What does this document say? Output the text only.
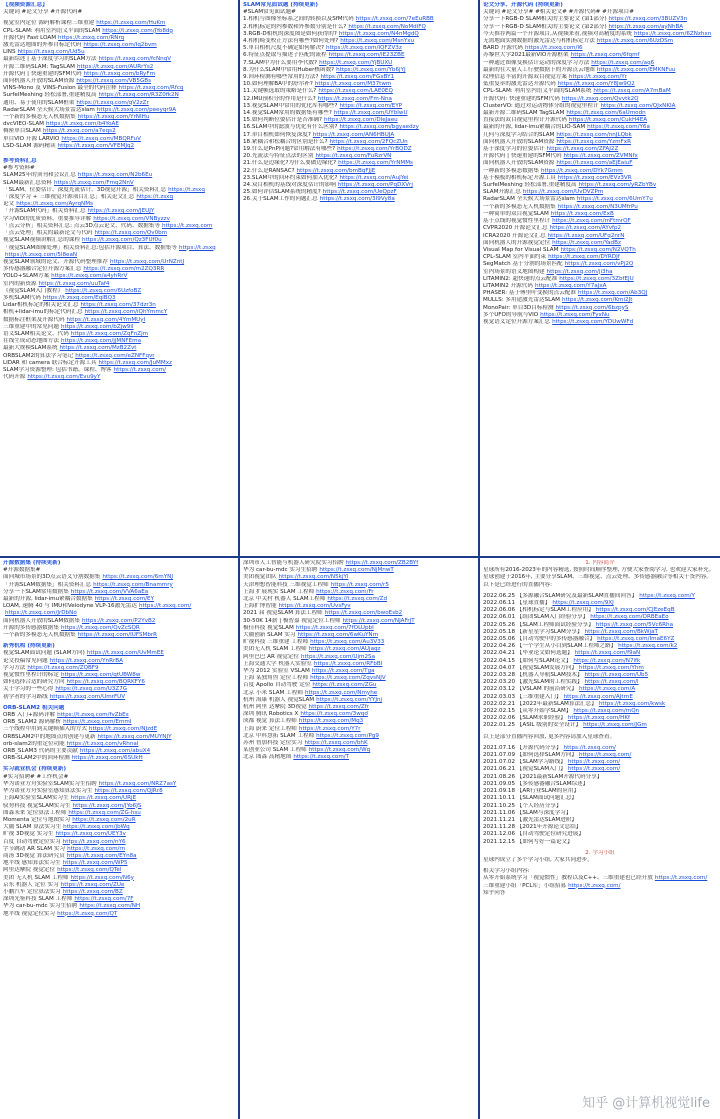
【视频资源汇总】
关键词 #论文分享 #开源代码#
视觉室内定位 源码解析课程三维重建 https://t.zsxq.com/HuKm
CPL-SLAM: 利用室内语义平面的SLAM https://t.zsxq.com/JYo8dg
开源代码 Fast LOAM https://t.zsxq.com/RNrq
激光雷达地图的外参自标定代码 https://t.zsxq.com/Iq2bvm
LINS https://t.zsxq.com/Ud5u
最新综述 | 基于深度学习的SLAM方法 https://t.zsxq.com/fcNnqV
开源二维码SLAM: TagSLAM https://t.zsxq.com/AURrYs2
开源代码 | 快速重建的SFM代码 https://t.zsxq.com/bRyFm
面向机器人开放的SLAM资源 https://t.zsxq.com/VB5GBs
VINS-Mono 及 VINS-Fusion 最全的代码注释 https://t.zsxq.com/Rfcq
SurfelMeshing 轻松部署,重建精度高 https://t.zsxq.com/R3Z0fk2N
通用、易于使用的SLAM框架 https://t.zsxq.com/qV2zZr
RadarSLAM 全天候大场景雷达slam https://t.zsxq.com/peeyqr9A
一个新的多模态无人机数据集 https://t.zsxq.com/YrNIHu
dvcVIEO-SLAM https://t.zsxq.com/b4YoAE
稠密单目SLAM https://t.zsxq.com/a7eqs2
单目VIO 开源 LARVIO https://t.zsxq.com/MBQRFuV
LSD-SLAM 源码精读 https://t.zsxq.com/VFEMJq2
参考资料汇总
#参考资料#
SLAM25年的顶刊和会议汇总 https://t.zsxq.com/N2b6Eu
SLAM最新汇总资料 https://t.zsxq.com/Fmq2NnV
「SLAM、位姿估计、深度光流估计、3D视觉开源」相关资料汇总 https://t.zsxq
「深度学习 + 三维视觉开源项目汇总」相关论文汇总 https://t.zsxq
论文 https://t.zsxq.com/AyrqNMs
「开源SLAM代码」相关资料汇总 https://t.zsxq.com/JEUJY
学习VIO的优质资料、重要推导详解 https://t.zsxq.com/VNByzzv
「点云分析」相关资料汇总: 点云3D点云论文、代码、数据集等 https://t.zsxq.com
「点云处理」相关的最新论文与代码 https://t.zsxq.com/Qv0bm
视觉SLAM视频讲解汇总的课程 https://t.zsxq.com/Qz3FUf0u
「视觉SLAM图像处理」相关资料汇总:包括开源项目、算法、数据集等 https://t.zsxq
https://t.zsxq.com/5l8eaN
视觉SLAM领域的论文、开源代码整理推荐 https://t.zsxq.com/UrNZntJ
多传感器融合定位开源方案汇总 https://t.zsxq.com/m2ZQ3RR
YOLO+SLAM方案 https://t.zsxq.com/a4yhRrV
室内的新资源 https://t.zsxq.com/uuTaf4
《视觉SLAM入门教程》 https://t.zsxq.com/6UzfoBZ
多机SLAM代码 https://t.zsxq.com/EqlBQ3
Lidar相机标定的相关论文汇总 https://t.zsxq.com/37dzr3n
相机+lidar-imu的标定代码汇总 https://t.zsxq.com/iQhYmmcY
数据标注框架及开源代码 https://t.zsxq.com/4YmMUyI
三维重建中的常见问题 https://t.zsxq.com/bZjw9il
语义SLAM相关论文、代码 https://t.zsxq.com/ZqFnZjm
在线生成动态地图方法 https://t.zsxq.com/jjMNFEma
最新大规模SLAM系统 https://t.zsxq.com/MzB2Zvt
ORBSLAM2的算法学习笔记 https://t.zsxq.com/eZNFFqvr
LIDAR 和 camera 联合标定开源工具 https://t.zsxq.com/JuMMxz
SLAM学习资源整理: 包括书籍、课程、博客 https://t.zsxq.com/
代码开源 https://t.zsxq.com/Evu9yY
SLAM常见面试题 (持续更新)
#SLAM常见面试题#
1.相机与图像坐标系之间的转换以及SfM代码 https://t.zsxq.com/7eEuRBB
2.相机标定的内参数和外参数分别是什么? https://t.zsxq.com/NoMdiFQ
3.RGB-D相机的深度图是如何获得的? https://t.zsxq.com/N4nMgdQ
4.相机畸变校正方法有哪些?如何处理? https://t.zsxq.com/MsnYxu
5.单目相机尺度不确定如何解决? https://t.zsxq.com/IQFZV3z
6.特征点提取与描述子匹配的流程 https://t.zsxq.com/IE23ZBE
7.SLAM中为什么要用李代数? https://t.zsxq.com/YjBUXU
8.为什么SLAM中常用Huber核函数? https://t.zsxq.com/Yb6jYJ
9.回环检测有哪些常用的方法? https://t.zsxq.com/FGxBY1
10.如何理解BA中的舒尔补? https://t.zsxq.com/M37twm
11.关键帧选取的策略是什么? https://t.zsxq.com/LAE0EQ
12.IMU预积分的作用是什么? https://t.zsxq.com/Fm-Nna
13.视觉SLAM中常用的优化库有哪些? https://t.zsxq.com/EYP
14.视觉SLAM常用的数据集有哪些? https://t.zsxq.com/UYbIwU
15.如何判断位姿估计是否准确? https://t.zsxq.com/DleJaeu
16.SLAM中的滤波与优化有什么区别? https://t.zsxq.com/bgyaedzy
17.单目相机如何恢复深度? https://t.zsxq.com/AN6HBUJA
18.紧耦合和松耦合的区别是什么? https://t.zsxq.com/2FQcZUn
19.什么是PnP问题?常用解法有哪些? https://t.zsxq.com/YrBQDZ
20.光流法与特征点法的区别 https://t.zsxq.com/FuRzrVN
21.什么是边缘化?为什么要做边缘化? https://t.zsxq.com/YrNMMs
22.什么是RANSAC? https://t.zsxq.com/bmBqFJjE
23.SLAM中的回环约束如何加入优化? https://t.zsxq.com/AuJYei
24.双目相机的基线对深度估计的影响 https://t.zsxq.com/PqDXVrj
25.如何评估SLAM系统的精度? https://t.zsxq.com/UeQpzF
26.关于SLAM工作的问题汇总 https://t.zsxq.com/3I9Vy8a
论文分享、开源代码 (持续更新)
关键词 #论文分享# #相关论文# #开源代码# #开源项目#
分享一下RGB-D SLAM相关的主要论文 (第1部分) https://t.zsxq.com/3BUZV3n
分享一下RGB-D SLAM相关的主要论文 (第2部分) https://t.zsxq.com/ayNhBA
今天推荐两篇一个开源项目,从视频来看,视频对高精度的系统 https://t.zsxq.com/6ZNzhxn
无需地面实测数据的激光雷达与相机标定方法 https://t.zsxq.com/6UzDSm
BARD 开源代码 https://t.zsxq.com/I6
苏黎世大学2021最新VIO开源框架 https://t.zsxq.com/6fqmf
一种通过图像变换估计运动的深度学习方法 https://t.zsxq.com/aq6
最新的在大量人工行驶数据下的开源点云地图 https://t.zsxq.com/EMKNFuu
纹理信息丰富的开源双目视觉方案 https://t.zsxq.com/Yr
低重复率的激光雷达开源代码 https://t.zsxq.com/Y8Jw9Q2
CPL-SLAM: 利用室内语义平面的SLAM系统 https://t.zsxq.com/A7mBaM
开源代码: 快速重建的SFM代码 https://t.zsxq.com/Qvvtk2Q
ClusterVO: 通过对运动物体分组的视觉里程计 https://t.zsxq.com/QJxNKIA
最新开源二维码SLAM TagSLAM https://t.zsxq.com/6aUmodn
直接法的双目视觉里程计开源代码 https://t.zsxq.com/CukH4EA
最新的开源, lidar-imu紧耦合的LIO-SAM https://t.zsxq.com/Y6a
几何与深度学习结合的SLAM https://t.zsxq.com/nnJLQbk
面向机器人开放的SLAM资源 https://t.zsxq.com/YzmFxR
基于深度学习的位姿估计 https://t.zsxq.com/ZFAJ2Z
开源代码 | 快速重建的SFM代码 https://t.zsxq.com/ZVMNfx
面向机器人开放的SLAM资源 https://t.zsxq.com/aEjEaiuF
一种新的多模态数据集 https://t.zsxq.com/DYk7Gmm
基于模板的相机标定开源工具 https://t.zsxq.com/EVz3VR
SurfelMeshing 轻松部署,重建精度高 https://t.zsxq.com/yRZbYBv
SLAM开源汇总 https://t.zsxq.com/UvDVZPm
RadarSLAM 全天候大场景雷达slam https://t.zsxq.com/6UmY7u
一个新的多模态无人机数据集 https://t.zsxq.com/N3UMfrPu
一种简单的双目视觉SLAM https://t.zsxq.com/ExB
基于点线的视觉惯性里程计 https://t.zsxq.com/mFtmrQF
CVPR2020 开源论文汇总 https://t.zsxq.com/AYvfp2
ICRA2020 开源论文汇总 https://t.zsxq.com/UFq2nrN
面向机器人的开源视觉定位 https://t.zsxq.com/YadBz
Visual Map for Visual SLAM https://t.zsxq.com/N2VQTh
CPL-SLAM 室内平面约束 https://t.zsxq.com/DYRDJf
SegMatch 基于分割的场景匹配 https://t.zsxq.com/vPj2Q
室内场景的语义地图构建 https://t.zsxq.com/ji3ha
LITAMIN2: 超快速的点云配准 https://t.zsxq.com/3ZbfEJU
LITAMIN2 开源代码 https://t.zsxq.com/Y7aJxA
PHASER: 基于傅里叶变换的点云配准 https://t.zsxq.com/Ab3QJ
MULLS: 多用途激光雷达SLAM https://t.zsxq.com/Kmi2Jt
MonoPair: 单目3D目标检测 https://t.zsxq.com/6bzpyS
多个UFO的导航与VIO https://t.zsxq.com/FyxNu
视觉语义定位开源方案汇总 https://t.zsxq.com/YDUwWFd
开源数据集 (持续更新)
#开源数据集#
面向城市场景的3D点云语义分割数据集 https://t.zsxq.com/6mYNJ
「开源SLAM数据集」相关资料汇总 https://t.zsxq.com/Bnammry
分享一下SLAM常用数据集 https://t.zsxq.com/VVA6aEa
最新的开源, lidar-imu紧耦合数据集 https://t.zsxq.com/EY
LOAM, 速腾 40 与 IMU和Velodyne VLP-16激光雷达 https://t.zsxq.com/
https://t.zsxq.com/JrDbNo
面向机器人开放的SLAM数据集 https://t.zsxq.com/P2YvB2
开源的多传感器数据集 https://t.zsxq.com/QvZcSQR
一个新的多模态无人机数据集 https://t.zsxq.com/IUFSMbrR
新秀机构 (持续更新)
视觉SLAM面试问题 (SLAM方向) https://t.zsxq.com/UvMmEE
论文投稿常见问题 https://t.zsxq.com/YnRrBA
学习方法 https://t.zsxq.com/ZQBF9
视觉惯性里程计的标定 https://t.zsxq.com/qtUBW8w
如何选择合适的研究方向 https://t.zsxq.com/BQRKFY6
关于学习的一些心得 https://t.zsxq.com/U3Z7G
初学者的学习路线 https://t.zsxq.com/UmrFUV
ORB-SLAM2 相关问题
ORB 入门+源码详解 https://t.zsxq.com/fvZbEs
ORB_SLAM2 源码解析 https://t.zsxq.com/EmmI
三个线程中用到关键帧插入的方式 https://t.zsxq.com/NJzdE
ORBSLAM2中的地图点的创建与更新 https://t.zsxq.com/MUYNJY
orb-slam2的重定位功能 https://t.zsxq.com/vRhnaI
ORB_SLAM3 代码的主要贡献 https://t.zsxq.com/abuX4
ORB-SLAM2中的回环检测 https://t.zsxq.com/6SUkH
实习就业机会 (持续更新)
#实习招聘# #工作机会#
华为诺亚方舟实验室SLAM实习生招聘 https://t.zsxq.com/NRZ7asY
华为诺亚方舟实验室感知算法实习生 https://t.zsxq.com/QJRr8
上海AI实验室SLAM实习生 https://t.zsxq.com/URjE
驭势科技 视觉SLAM实习生 https://t.zsxq.com/JYo6JS
图森未来 定位算法工程师 https://t.zsxq.com/ZG-hsu
Momenta 定位与地图实习 https://t.zsxq.com/2uR
大疆 SLAM 算法实习生 https://t.zsxq.com/jbWq
旷视 3D视觉 实习生 https://t.zsxq.com/UEY3v
百度 自动驾驶定位实习 https://t.zsxq.com/nY6
字节跳动 AR SLAM 实习 https://t.zsxq.com/rn
商汤 3D视觉 算法研究员 https://t.zsxq.com/EYn8a
地平线 感知算法实习生 https://t.zsxq.com/WP5
阿里达摩院 视觉定位 https://t.zsxq.com/QTel
美团 无人机 SLAM 工程师 https://t.zsxq.com/N6y
京东 机器人 定位 实习 https://t.zsxq.com/ZUe
小鹏汽车 定位算法实习 https://t.zsxq.com/BZ
深圳光鉴科技 SLAM 工程师 https://t.zsxq.com/7F
华为 car-bu-mdc 实习生招聘 https://t.zsxq.com/NH
地平线 视觉定位实习 https://t.zsxq.com/QT
深圳市人工智能与机器人研究院实习招聘 https://t.zsxq.com/ZB2BYf
华为 car-bu-mdc 实习生招聘 https://t.zsxq.com/NjMnwT
美团视觉团队 https://t.zsxq.com/N5kjYl
天津理想智能科技 三维视觉工程师 https://t.zsxq.com/r5
上海 扩展现实 SLAM 工程师 https://t.zsxq.com/Fr
北京 中关村 机器人 SLAM工程师 https://t.zsxq.com/Zd
上海扩博智能 https://t.zsxq.com/UvsFyv
2021 届 视觉SLAM 算法工程师 https://t.zsxq.com/bwoEsb2
30-50K 14薪 | 极智嘉 视觉定位工程师 https://t.zsxq.com/NJAFrJT
极佳科技 视觉SLAM https://t.zsxq.com/7fOLUpbI
大疆创新 SLAM 实习 https://t.zsxq.com/6wKuYNm
旷视科技 三维重建 工程师 https://t.zsxq.com/Au3V33
美团无人机 SLAM 工程师 https://t.zsxq.com/AUjaqz
阿里巴巴 AR 视觉定位 https://t.zsxq.com/Ujm2Sa
上海交通大学 机器人实验室 https://t.zsxq.com/RFbBI
华为 2012 实验室 VSLAM https://t.zsxq.com/Tga
上海 某独角兽 定位工程师 https://t.zsxq.com/ZqvsNJV
百度 Apollo 自动驾驶 定位 https://t.zsxq.com/ZGu
北京 小米 SLAM 工程师 https://t.zsxq.com/Nmyhe
杭州 海康 机器人 视觉SLAM https://t.zsxq.com/YYJnj
杭州 阿里 达摩院 3D视觉 https://t.zsxq.com/Zfr
深圳 腾讯 Robotics X https://t.zsxq.com/3wqd
成都 视觉 算法工程师 https://t.zsxq.com/Mq3
上海 蔚来 定位工程师 https://t.zsxq.com/Y7r
北京 中科慧拓 SLAM 工程师 https://t.zsxq.com/Pg9
苏州 智加科技 定位实习 https://t.zsxq.com/bhK
某创业公司 SLAM 工程师 https://t.zsxq.com/Wq
北京 图森 高精地图 https://t.zsxq.com/T
1. 内容简介
星球所有2016-2023年的内容精选, 按照时间顺序整理, 方便大家查阅学习, 也欢迎大家补充。
星球创建于2016年, 主要分享SLAM、三维视觉、点云处理、多传感器融合等相关干货内容。
以下是已经进行的直播内容:
2022.06.25 【多源融合SLAM研究及最新SLAM直播间回答】 https://t.zsxq.com/Y
2022.06.11 【星球直播】 https://t.zsxq.com/9XJ
2022.06.06 【相机标定与SLAM工程应用】 https://t.zsxq.com/CJEzeEqB
2022.06.01 【组团SLAM入门经验分享】 https://t.zsxq.com/ORBEaEo
2022.05.26 【SLAM工程师面试经验分享】 https://t.zsxq.com/5Vc6Rha
2022.05.18 【新星星学习SLAM分享】 https://t.zsxq.com/BkWjaT
2022.05.06 【自动驾驶中的多传感器融合】 https://t.zsxq.com/ImaE6YZ
2022.04.26 【一个学生从小白到SLAM工程师之路】 https://t.zsxq.com/k2
2022.04.21 【毕业论文如何选题】 https://t.zsxq.com/f9aN
2022.04.15 【如何写SLAM论文】 https://t.zsxq.com/N7ifk
2022.04.07 【视觉SLAM发展方向】 https://t.zsxq.com/Yhm
2022.03.28 【机器人导航SLAM技术】 https://t.zsxq.com/Ub5
2022.03.20 【激光SLAM的工程实践】 https://t.zsxq.com/l
2022.03.12 【VSLAM 的前沿研究】 https://t.zsxq.com/A
2022.03.03 【三维重建入门】 https://t.zsxq.com/AJtrnE
2022.02.21 【2022年最新SLAM算法汇总】 https://t.zsxq.com/kwsk
2022.02.15 【从零开始学SLAM】 https://t.zsxq.com/mQn
2022.02.06 【SLAM求职经验】 https://t.zsxq.com/HKf
2022.01.25 【ASIL 级别的安全设计】 https://t.zsxq.com/JGm
以上是部分直播内容回放, 更多内容请加入星球查看。
2021.07.16 【开源代码分享】 https://t.zsxq.com/
2021.07.09 【如何选择SLAM方向】 https://t.zsxq.com/
2021.07.02 【SLAM学习路线】 https://t.zsxq.com/
2021.06.21 【视觉SLAM入门】 https://t.zsxq.com/
2021.08.26 【2021最新SLAM开源代码分享】
2021.09.05 【多传感器融合SLAM综述】
2021.09.18 【AR行业SLAM的应用】
2021.10.11 【SLAM面试问题汇总】
2021.10.25 【个人经历分享】
2021.11.06 【SLAM与深度学习】
2021.11.21 【激光雷达SLAM进阶】
2021.11.28 【2021年开源论文总结】
2021.12.06 【自动驾驶定位研究进展】
2021.12.15 【如何写好一篇论文】
2. 学习小组
星球内成立了多个学习小组, 大家共同进步。
相关学习小组内容:
从零开始系统学习「视觉惯性」教程以及C++、三维重建也已经开放 https://t.zsxq.com/
三维重建小组「PCL库」小组招募 https://t.zsxq.com/
知乎问答
知乎 @计算机视觉life
